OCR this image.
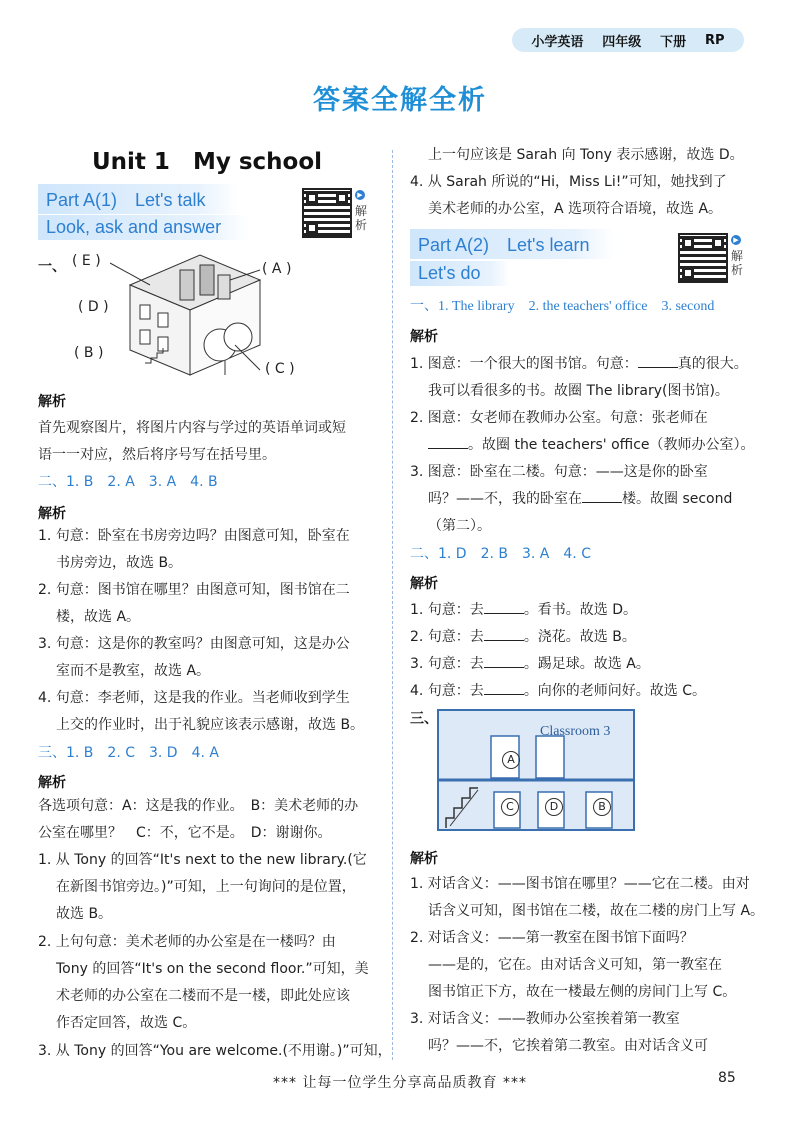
小学英语 四年级 下册 RP
答案全解全析
Unit 1　My school
Part A(1)　Let's talk
Look, ask and answer
▶
解析
一、 ( E )	( A )
( D )
( B )
( C )
解析
首先观察图片，将图片内容与学过的英语单词或短
语一一对应，然后将序号写在括号里。
二、1. B　2. A　3. A　4. B
解析
1. 句意：卧室在书房旁边吗？由图意可知，卧室在
书房旁边，故选 B。
2. 句意：图书馆在哪里？由图意可知，图书馆在二
楼，故选 A。
3. 句意：这是你的教室吗？由图意可知，这是办公
室而不是教室，故选 A。
4. 句意：李老师，这是我的作业。当老师收到学生
上交的作业时，出于礼貌应该表示感谢，故选 B。
三、1. B　2. C　3. D　4. A
解析
各选项句意：A：这是我的作业。　B：美术老师的办
公室在哪里？　C：不，它不是。　D：谢谢你。
1. 从 Tony 的回答“It's next to the new library.(它
在新图书馆旁边。)”可知，上一句询问的是位置，
故选 B。
2. 上句句意：美术老师的办公室是在一楼吗？由
Tony 的回答“It's on the second floor.”可知，美
术老师的办公室在二楼而不是一楼，即此处应该
作否定回答，故选 C。
3. 从 Tony 的回答“You are welcome.(不用谢。)”可知，
上一句应该是 Sarah 向 Tony 表示感谢，故选 D。
4. 从 Sarah 所说的“Hi，Miss Li!”可知，她找到了
美术老师的办公室，A 选项符合语境，故选 A。
Part A(2)　Let's learn
Let's do
▶
解析
一、1. The library　2. the teachers' office　3. second
解析
1. 图意：一个很大的图书馆。句意：	真的很大。
我可以看很多的书。故圈 The library(图书馆)。
2. 图意：女老师在教师办公室。句意：张老师在
。故圈 the teachers' office（教师办公室）。
3. 图意：卧室在二楼。句意：——这是你的卧室
吗？——不，我的卧室在	楼。故圈 second
（第二）。
二、1. D　2. B　3. A　4. C
解析
1. 句意：去	。看书。故选 D。
2. 句意：去	。浇花。故选 B。
3. 句意：去	。踢足球。故选 A。
4. 句意：去	。向你的老师问好。故选 C。
三、
Classroom 3
A
C	D	B
解析
1. 对话含义：——图书馆在哪里？——它在二楼。由对
话含义可知，图书馆在二楼，故在二楼的房门上写 A。
2. 对话含义：——第一教室在图书馆下面吗？
——是的，它在。由对话含义可知，第一教室在
图书馆正下方，故在一楼最左侧的房间门上写 C。
3. 对话含义：——教师办公室挨着第一教室
吗？——不，它挨着第二教室。由对话含义可
*** 让每一位学生分享高品质教育 ***	85
